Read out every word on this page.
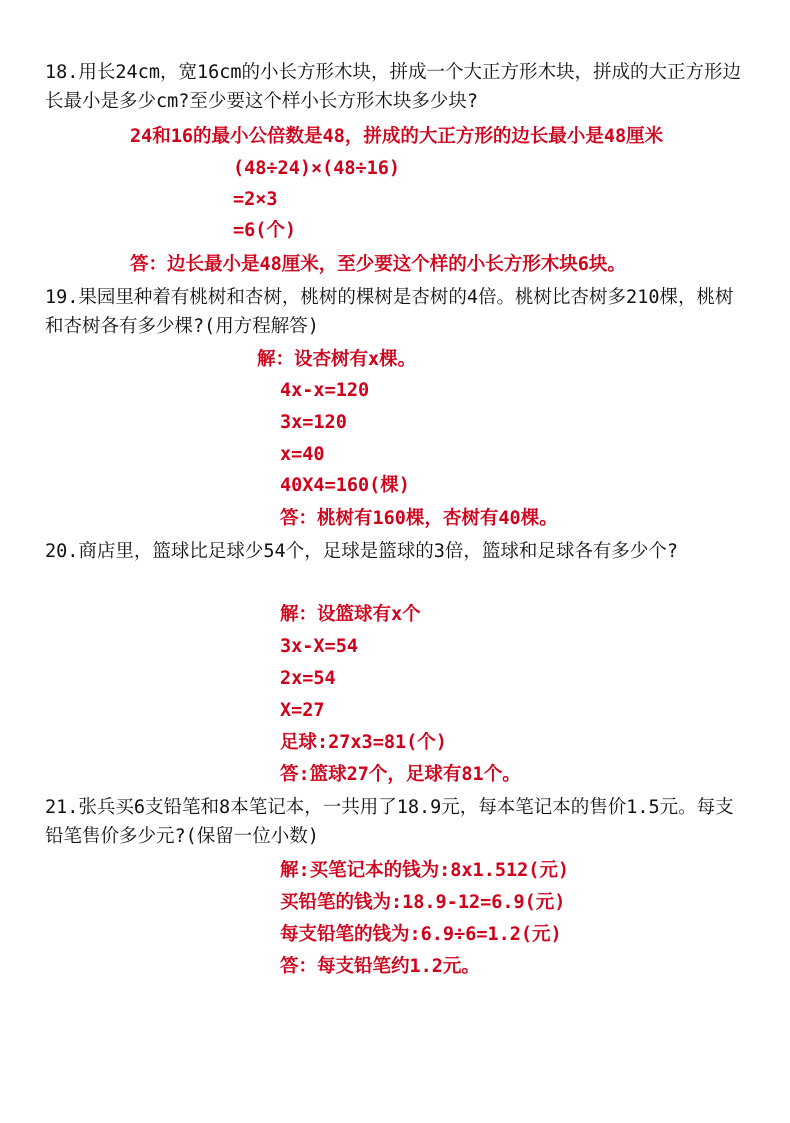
18.用长24cm，宽16cm的小长方形木块，拼成一个大正方形木块，拼成的大正方形边长最小是多少cm?至少要这个样小长方形木块多少块?

24和16的最小公倍数是48，拼成的大正方形的边长最小是48厘米

(48÷24)×(48÷16)

=2×3

=6(个)

答：边长最小是48厘米，至少要这个样的小长方形木块6块。

19.果园里种着有桃树和杏树，桃树的棵树是杏树的4倍。桃树比杏树多210棵，桃树和杏树各有多少棵?(用方程解答)

解：设杏树有x棵。

4x-x=120

3x=120

x=40

40X4=160(棵)

答：桃树有160棵，杏树有40棵。

20.商店里，篮球比足球少54个，足球是篮球的3倍，篮球和足球各有多少个?

解：设篮球有x个

3x-X=54

2x=54

X=27

足球:27x3=81(个)

答:篮球27个，足球有81个。

21.张兵买6支铅笔和8本笔记本，一共用了18.9元，每本笔记本的售价1.5元。每支铅笔售价多少元?(保留一位小数)

解:买笔记本的钱为:8x1.512(元)

买铅笔的钱为:18.9-12=6.9(元)

每支铅笔的钱为:6.9÷6=1.2(元)

答：每支铅笔约1.2元。
